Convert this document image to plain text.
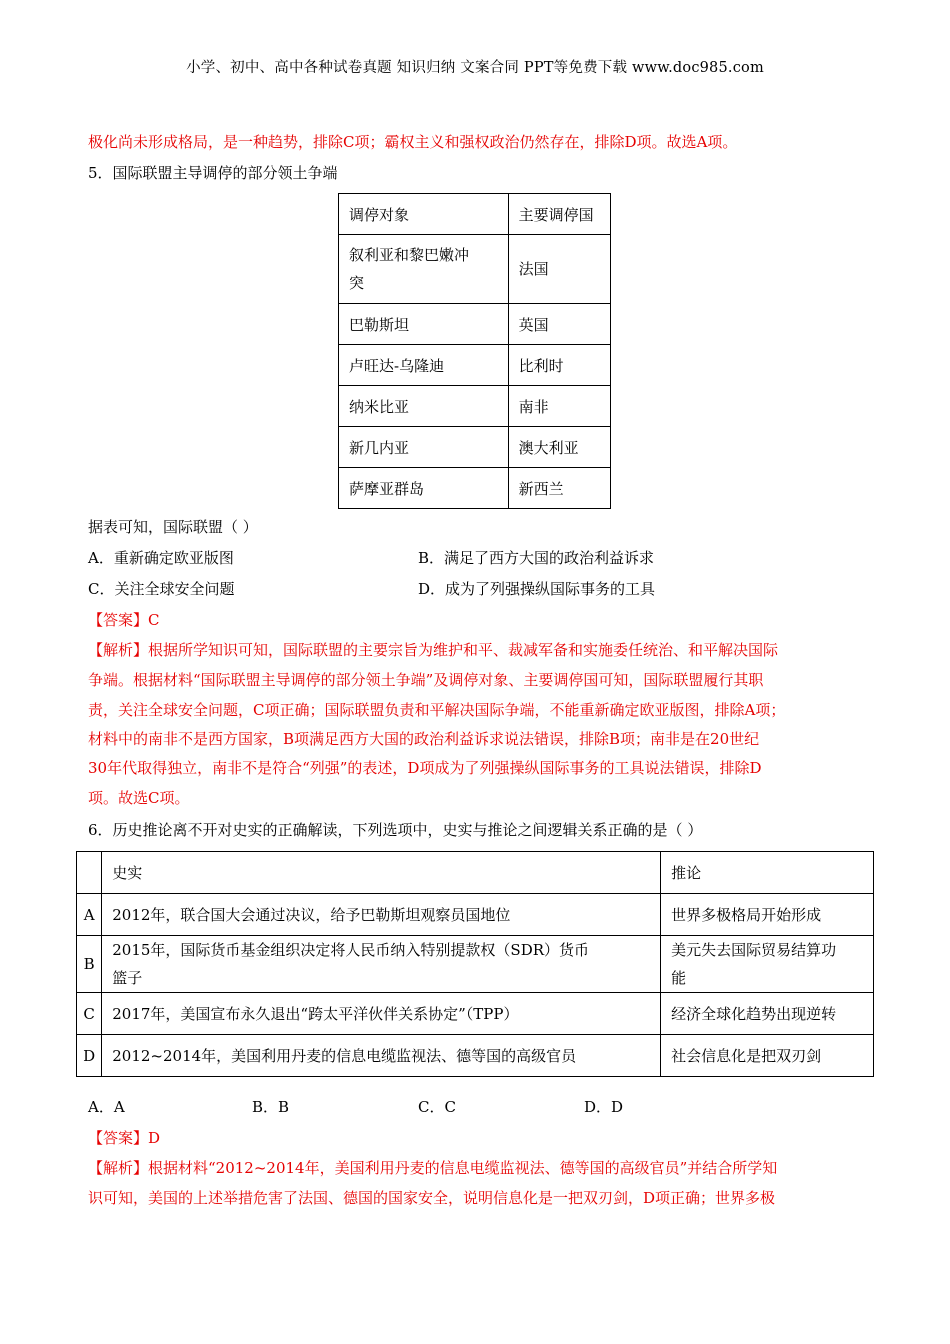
小学、初中、高中各种试卷真题 知识归纳 文案合同 PPT等免费下载 www.doc985.com
极化尚未形成格局，是一种趋势，排除C项；霸权主义和强权政治仍然存在，排除D项。故选A项。
5．国际联盟主导调停的部分领土争端
调停对象	主要调停国
叙利亚和黎巴嫩冲
突	法国
巴勒斯坦	英国
卢旺达-乌隆迪	比利时
纳米比亚	南非
新几内亚	澳大利亚
萨摩亚群岛	新西兰
据表可知，国际联盟（ ）
A．重新确定欧亚版图	B．满足了西方大国的政治利益诉求
C．关注全球安全问题	D．成为了列强操纵国际事务的工具
【答案】C
【解析】根据所学知识可知，国际联盟的主要宗旨为维护和平、裁减军备和实施委任统治、和平解决国际
争端。根据材料“国际联盟主导调停的部分领土争端”及调停对象、主要调停国可知，国际联盟履行其职
责，关注全球安全问题，C项正确；国际联盟负责和平解决国际争端，不能重新确定欧亚版图，排除A项；
材料中的南非不是西方国家，B项满足西方大国的政治利益诉求说法错误，排除B项；南非是在20世纪
30年代取得独立，南非不是符合“列强”的表述，D项成为了列强操纵国际事务的工具说法错误，排除D
项。故选C项。
6．历史推论离不开对史实的正确解读，下列选项中，史实与推论之间逻辑关系正确的是（ ）
	史实	推论
A	2012年，联合国大会通过决议，给予巴勒斯坦观察员国地位	世界多极格局开始形成
B	2015年，国际货币基金组织决定将人民币纳入特别提款权（SDR）货币
篮子	美元失去国际贸易结算功
能
C	2017年，美国宣布永久退出“跨太平洋伙伴关系协定”（TPP）	经济全球化趋势出现逆转
D	2012~2014年，美国利用丹麦的信息电缆监视法、德等国的高级官员	社会信息化是把双刃剑
A．A	B．B	C．C	D．D
【答案】D
【解析】根据材料“2012~2014年，美国利用丹麦的信息电缆监视法、德等国的高级官员”并结合所学知
识可知，美国的上述举措危害了法国、德国的国家安全，说明信息化是一把双刃剑，D项正确；世界多极
